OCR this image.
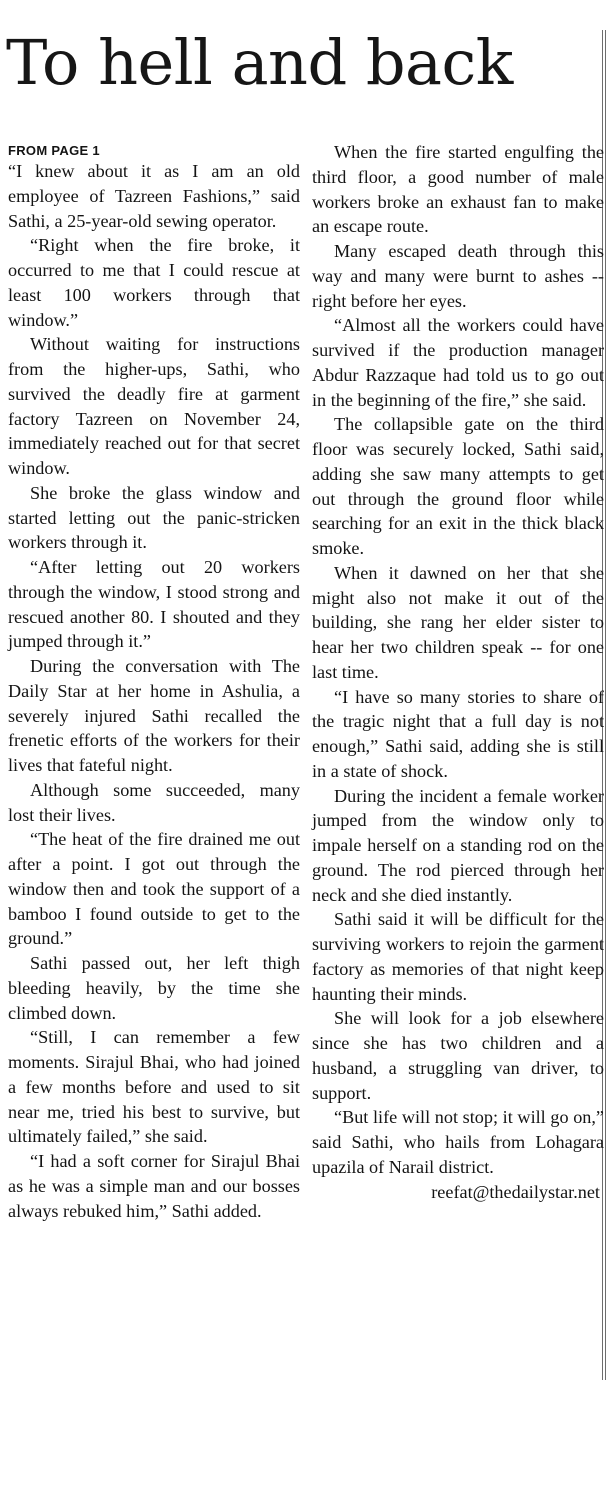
To hell and back
FROM PAGE 1

“I knew about it as I am an old employee of Tazreen Fashions,” said Sathi, a 25-year-old sewing operator.

“Right when the fire broke, it occurred to me that I could rescue at least 100 workers through that window.”

Without waiting for instructions from the higher-ups, Sathi, who survived the deadly fire at garment factory Tazreen on November 24, immediately reached out for that secret window.

She broke the glass window and started letting out the panic-stricken workers through it.

“After letting out 20 workers through the window, I stood strong and rescued another 80. I shouted and they jumped through it.”

During the conversation with The Daily Star at her home in Ashulia, a severely injured Sathi recalled the frenetic efforts of the workers for their lives that fateful night.

Although some succeeded, many lost their lives.

“The heat of the fire drained me out after a point. I got out through the window then and took the support of a bamboo I found outside to get to the ground.”

Sathi passed out, her left thigh bleeding heavily, by the time she climbed down.

“Still, I can remember a few moments. Sirajul Bhai, who had joined a few months before and used to sit near me, tried his best to survive, but ultimately failed,” she said.

“I had a soft corner for Sirajul Bhai as he was a simple man and our bosses always rebuked him,” Sathi added.

When the fire started engulfing the third floor, a good number of male workers broke an exhaust fan to make an escape route.

Many escaped death through this way and many were burnt to ashes -- right before her eyes.

“Almost all the workers could have survived if the production manager Abdur Razzaque had told us to go out in the beginning of the fire,” she said.

The collapsible gate on the third floor was securely locked, Sathi said, adding she saw many attempts to get out through the ground floor while searching for an exit in the thick black smoke.

When it dawned on her that she might also not make it out of the building, she rang her elder sister to hear her two children speak -- for one last time.

“I have so many stories to share of the tragic night that a full day is not enough,” Sathi said, adding she is still in a state of shock.

During the incident a female worker jumped from the window only to impale herself on a standing rod on the ground. The rod pierced through her neck and she died instantly.

Sathi said it will be difficult for the surviving workers to rejoin the garment factory as memories of that night keep haunting their minds.

She will look for a job elsewhere since she has two children and a husband, a struggling van driver, to support.

“But life will not stop; it will go on,” said Sathi, who hails from Lohagara upazila of Narail district.

reefat@thedailystar.net
